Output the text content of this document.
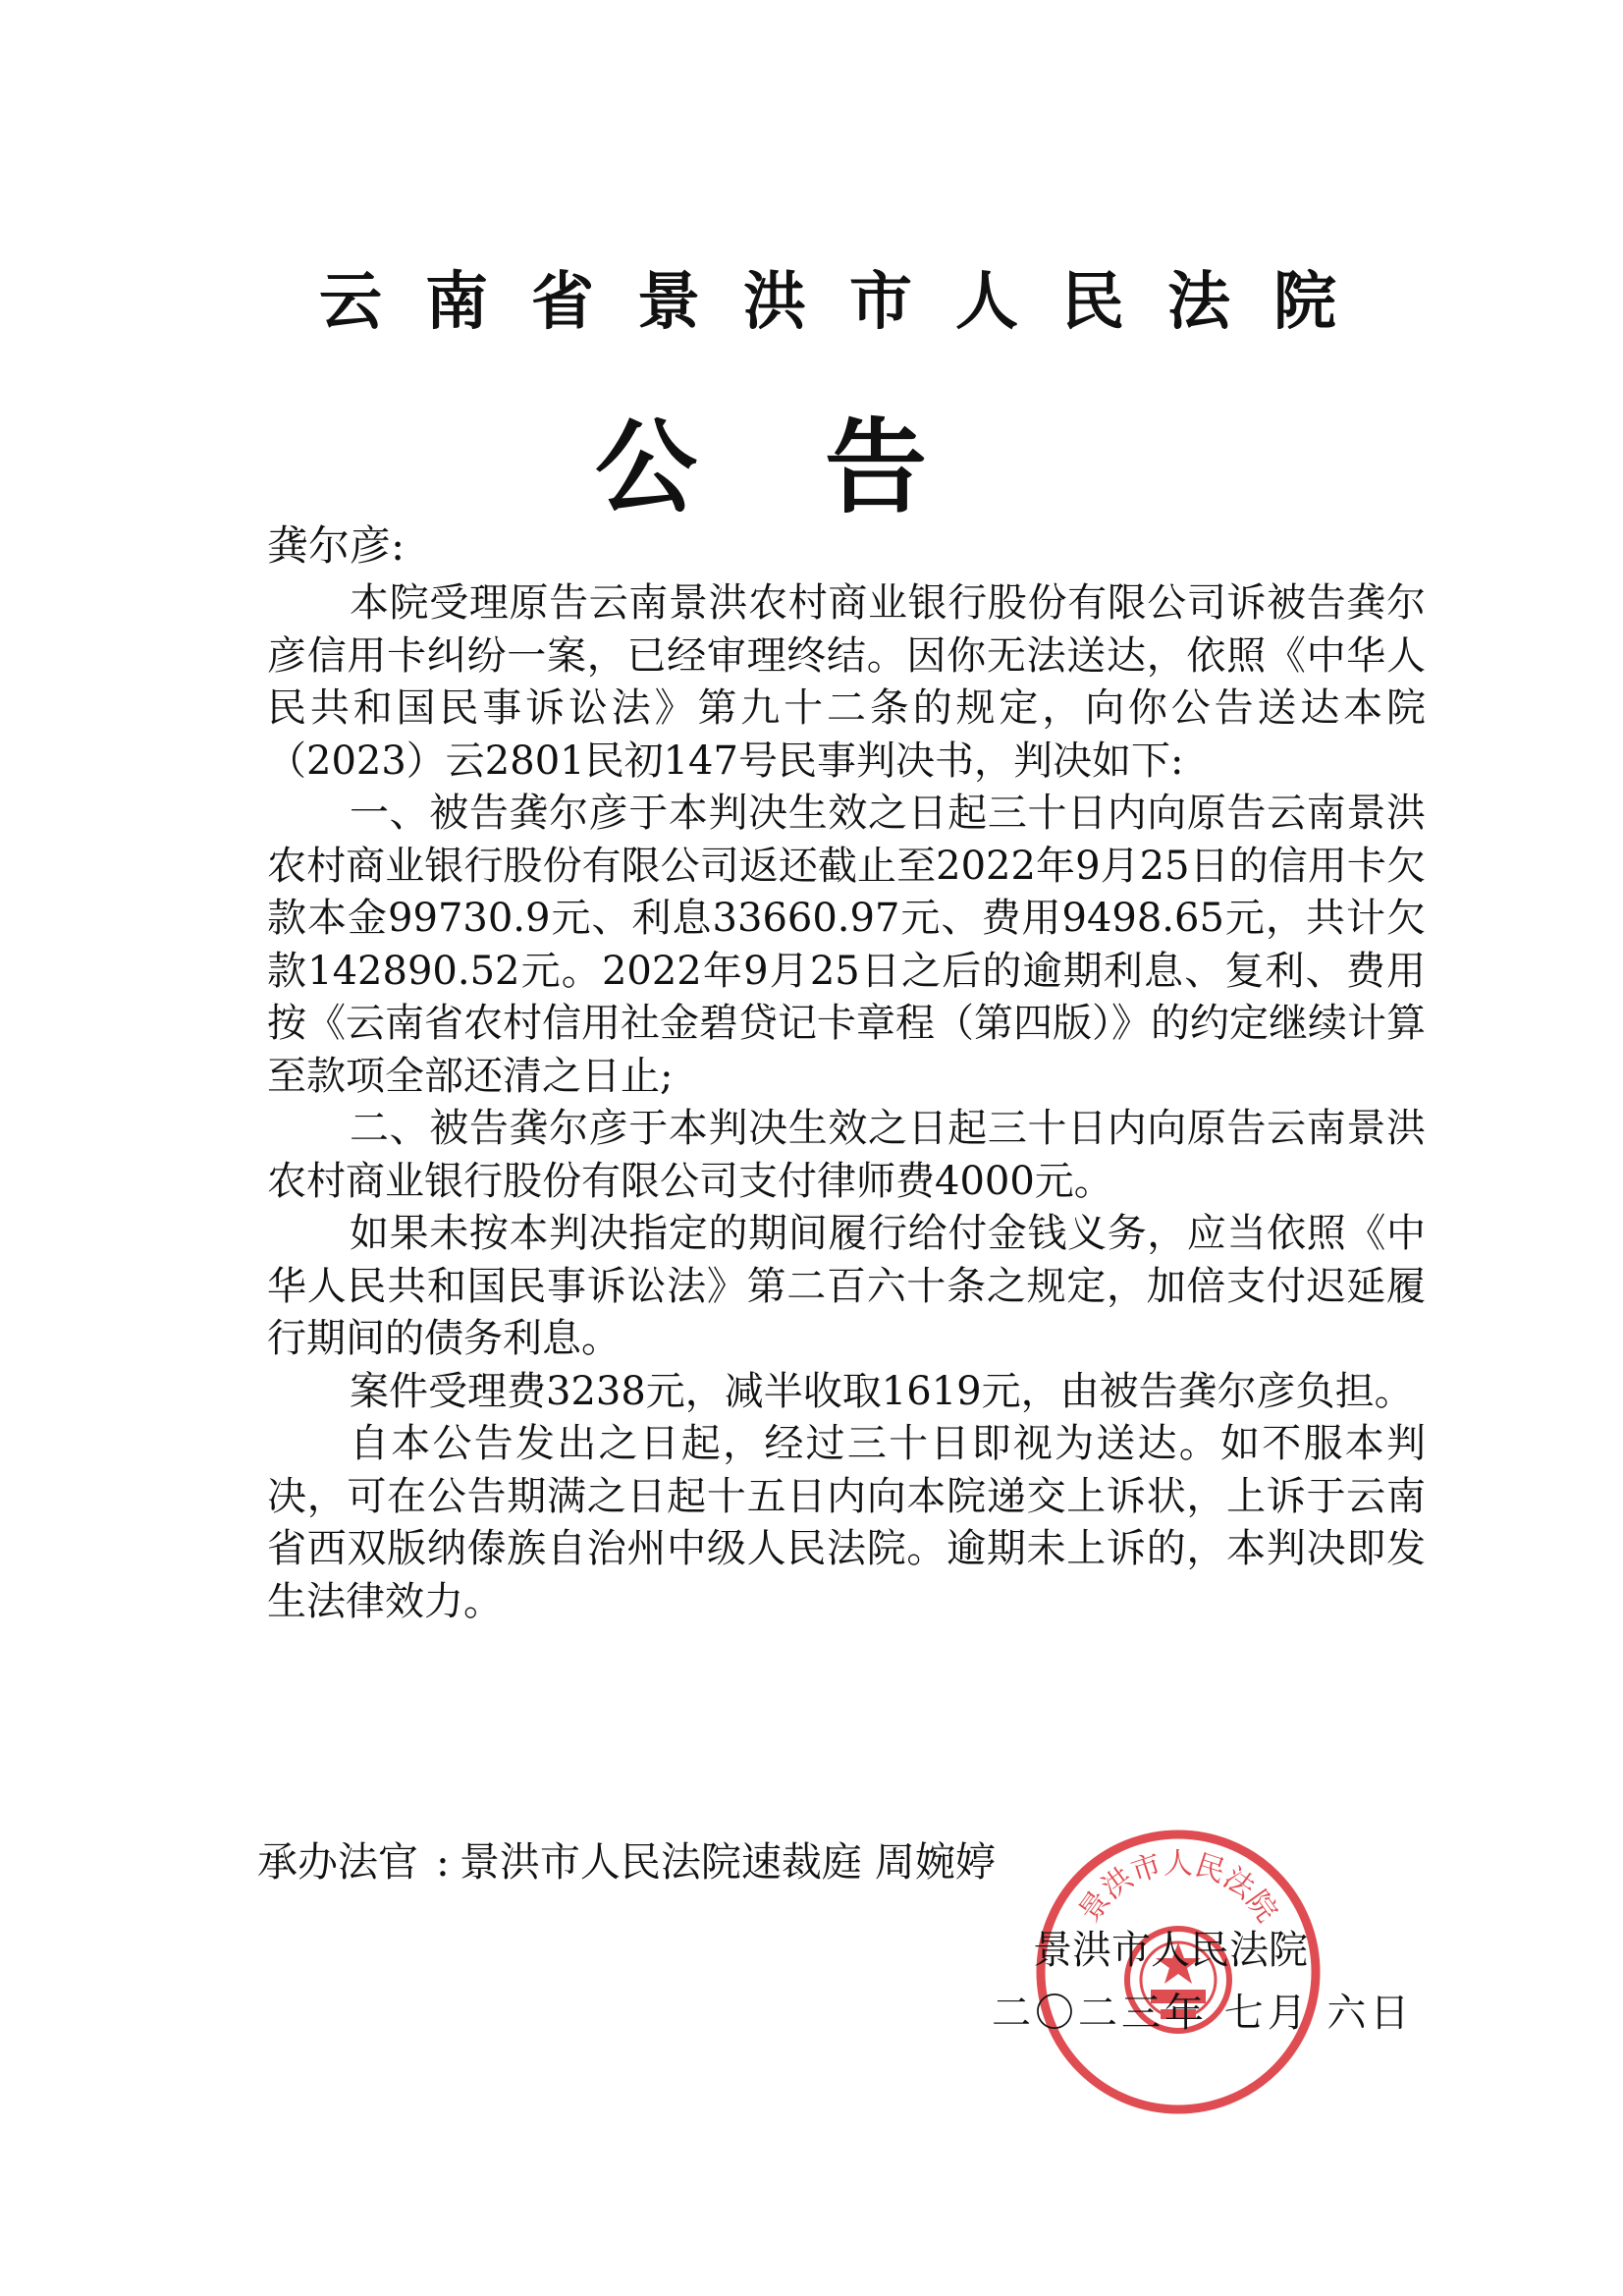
云南省景洪市人民法院
公告
龚尔彦:

本院受理原告云南景洪农村商业银行股份有限公司诉被告龚尔彦信用卡纠纷一案，已经审理终结。因你无法送达，依照《中华人民共和国民事诉讼法》第九十二条的规定，向你公告送达本院（2023）云2801民初147号民事判决书，判决如下:

一、被告龚尔彦于本判决生效之日起三十日内向原告云南景洪农村商业银行股份有限公司返还截止至2022年9月25日的信用卡欠款本金99730.9元、利息33660.97元、费用9498.65元，共计欠款142890.52元。2022年9月25日之后的逾期利息、复利、费用按《云南省农村信用社金碧贷记卡章程（第四版）》的约定继续计算至款项全部还清之日止;

二、被告龚尔彦于本判决生效之日起三十日内向原告云南景洪农村商业银行股份有限公司支付律师费4000元。

如果未按本判决指定的期间履行给付金钱义务，应当依照《中华人民共和国民事诉讼法》第二百六十条之规定，加倍支付迟延履行期间的债务利息。

案件受理费3238元，减半收取1619元，由被告龚尔彦负担。

自本公告发出之日起，经过三十日即视为送达。如不服本判决，可在公告期满之日起十五日内向本院递交上诉状，上诉于云南省西双版纳傣族自治州中级人民法院。逾期未上诉的，本判决即发生法律效力。

承办法官 : 景洪市人民法院速裁庭 周婉婷
景洪市人民法院
景洪市人民法院
二〇二三年 七月 六日
